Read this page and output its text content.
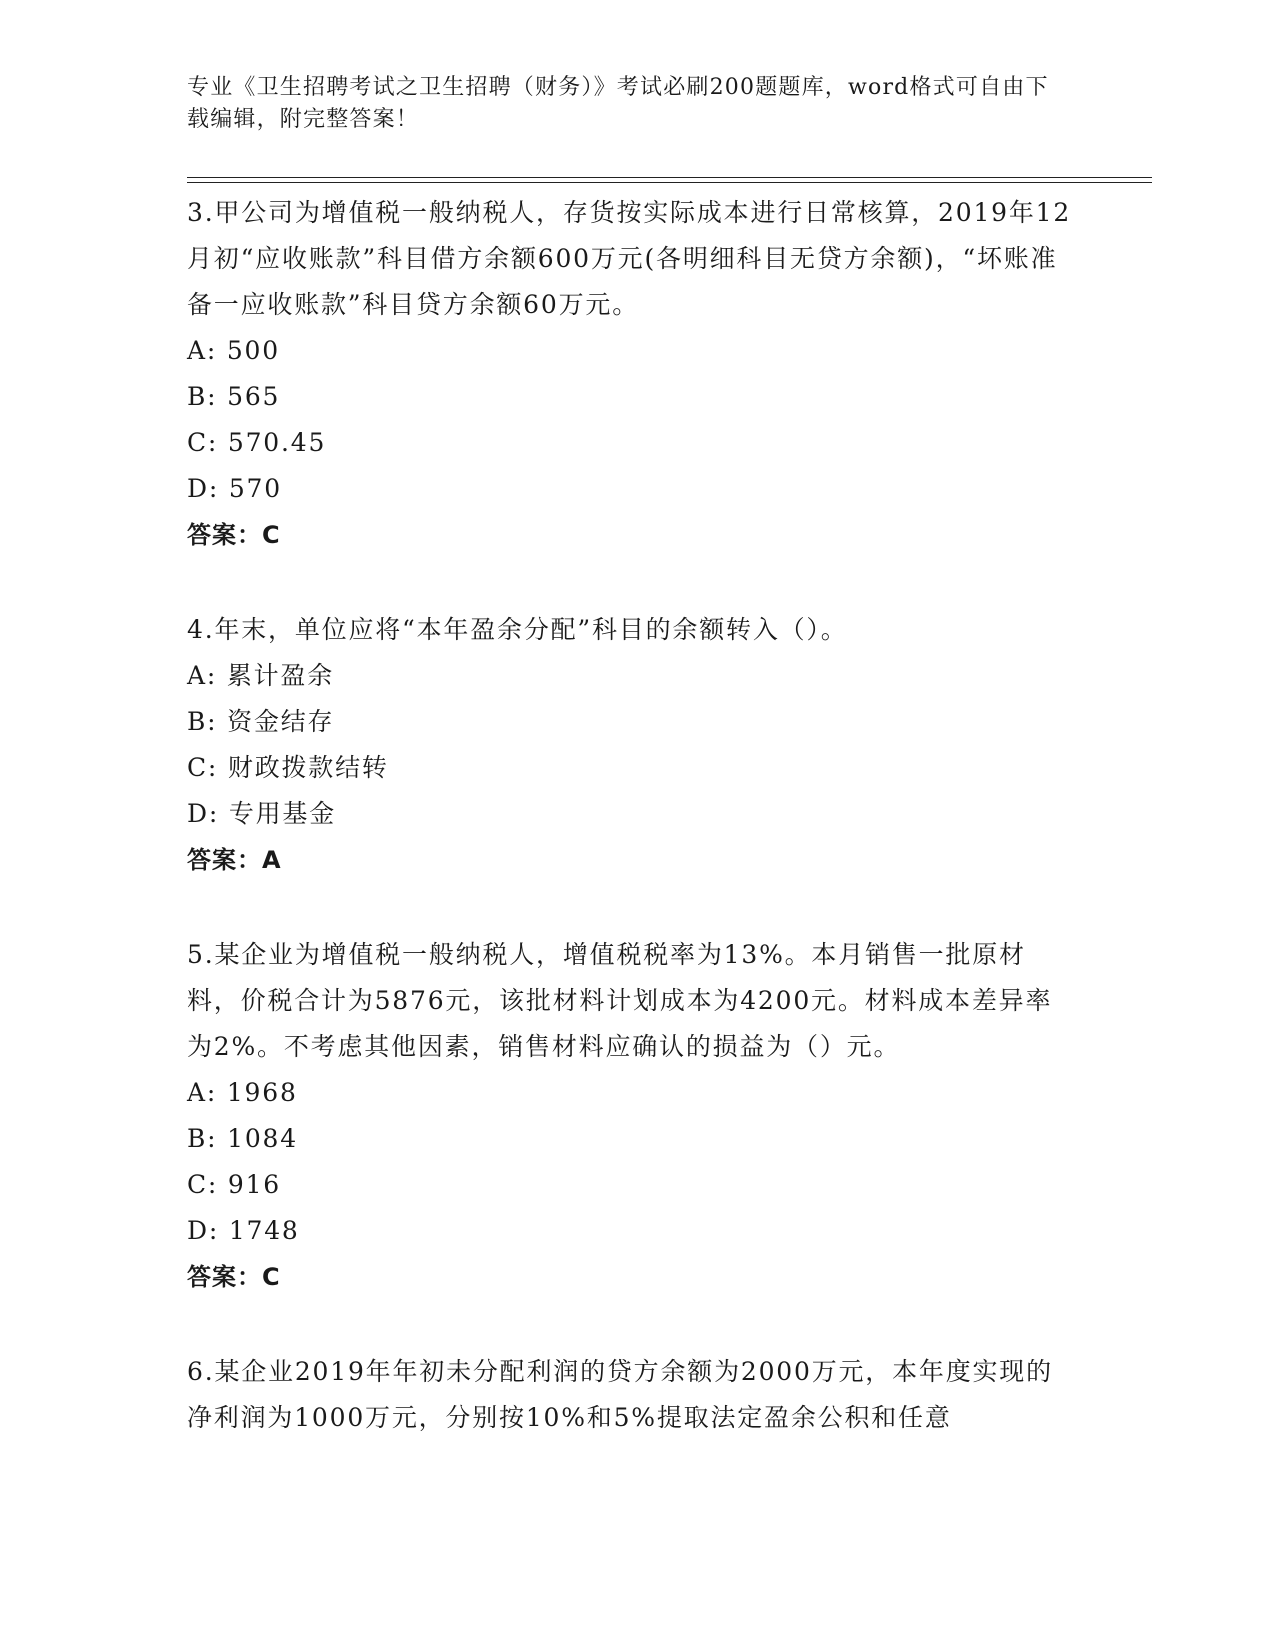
专业《卫生招聘考试之卫生招聘（财务）》考试必刷200题题库，word格式可自由下载编辑，附完整答案！

3.甲公司为增值税一般纳税人，存货按实际成本进行日常核算，2019年12月初“应收账款”科目借方余额600万元(各明细科目无贷方余额)，“坏账准备一应收账款”科目贷方余额60万元。

A: 500

B: 565

C: 570.45

D: 570

答案：C

4.年末，单位应将“本年盈余分配”科目的余额转入（）。

A: 累计盈余

B: 资金结存

C: 财政拨款结转

D: 专用基金

答案：A

5.某企业为增值税一般纳税人，增值税税率为13%。本月销售一批原材料，价税合计为5876元，该批材料计划成本为4200元。材料成本差异率为2%。不考虑其他因素，销售材料应确认的损益为（）元。

A: 1968

B: 1084

C: 916

D: 1748

答案：C

6.某企业2019年年初未分配利润的贷方余额为2000万元，本年度实现的净利润为1000万元，分别按10%和5%提取法定盈余公积和任意
